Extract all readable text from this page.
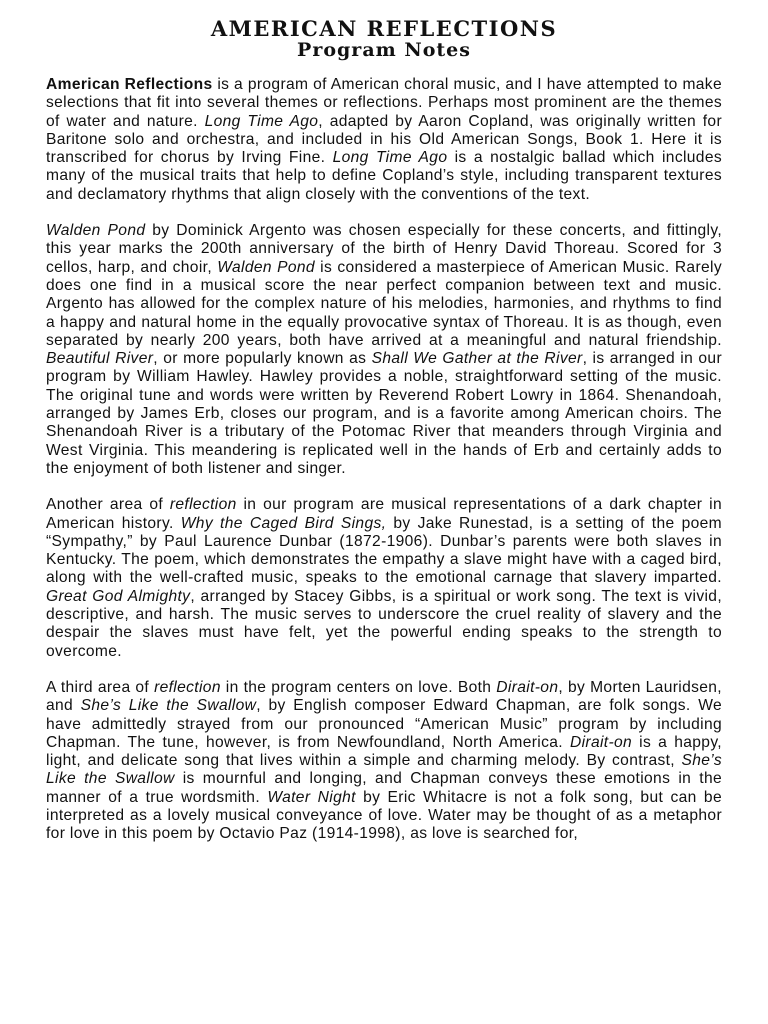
AMERICAN REFLECTIONS
Program Notes

American Reflections is a program of American choral music, and I have attempted to make selections that fit into several themes or reflections. Perhaps most prominent are the themes of water and nature. Long Time Ago, adapted by Aaron Copland, was originally written for Baritone solo and orchestra, and included in his Old American Songs, Book 1. Here it is transcribed for chorus by Irving Fine. Long Time Ago is a nostalgic ballad which includes many of the musical traits that help to define Copland’s style, including transparent textures and declamatory rhythms that align closely with the conventions of the text.

Walden Pond by Dominick Argento was chosen especially for these concerts, and fittingly, this year marks the 200th anniversary of the birth of Henry David Thoreau. Scored for 3 cellos, harp, and choir, Walden Pond is considered a masterpiece of American Music. Rarely does one find in a musical score the near perfect companion between text and music. Argento has allowed for the complex nature of his melodies, harmonies, and rhythms to find a happy and natural home in the equally provocative syntax of Thoreau. It is as though, even separated by nearly 200 years, both have arrived at a meaningful and natural friendship. Beautiful River, or more popularly known as Shall We Gather at the River, is arranged in our program by William Hawley. Hawley provides a noble, straightforward setting of the music. The original tune and words were written by Reverend Robert Lowry in 1864. Shenandoah, arranged by James Erb, closes our program, and is a favorite among American choirs. The Shenandoah River is a tributary of the Potomac River that meanders through Virginia and West Virginia. This meandering is replicated well in the hands of Erb and certainly adds to the enjoyment of both listener and singer.

Another area of reflection in our program are musical representations of a dark chapter in American history. Why the Caged Bird Sings, by Jake Runestad, is a setting of the poem “Sympathy,” by Paul Laurence Dunbar (1872-1906). Dunbar’s parents were both slaves in Kentucky. The poem, which demonstrates the empathy a slave might have with a caged bird, along with the well-crafted music, speaks to the emotional carnage that slavery imparted. Great God Almighty, arranged by Stacey Gibbs, is a spiritual or work song. The text is vivid, descriptive, and harsh. The music serves to underscore the cruel reality of slavery and the despair the slaves must have felt, yet the powerful ending speaks to the strength to overcome.

A third area of reflection in the program centers on love. Both Dirait-on, by Morten Lauridsen, and She’s Like the Swallow, by English composer Edward Chapman, are folk songs. We have admittedly strayed from our pronounced “American Music” program by including Chapman. The tune, however, is from Newfoundland, North America. Dirait-on is a happy, light, and delicate song that lives within a simple and charming melody. By contrast, She’s Like the Swallow is mournful and longing, and Chapman conveys these emotions in the manner of a true wordsmith. Water Night by Eric Whitacre is not a folk song, but can be interpreted as a lovely musical conveyance of love. Water may be thought of as a metaphor for love in this poem by Octavio Paz (1914-1998), as love is searched for,
